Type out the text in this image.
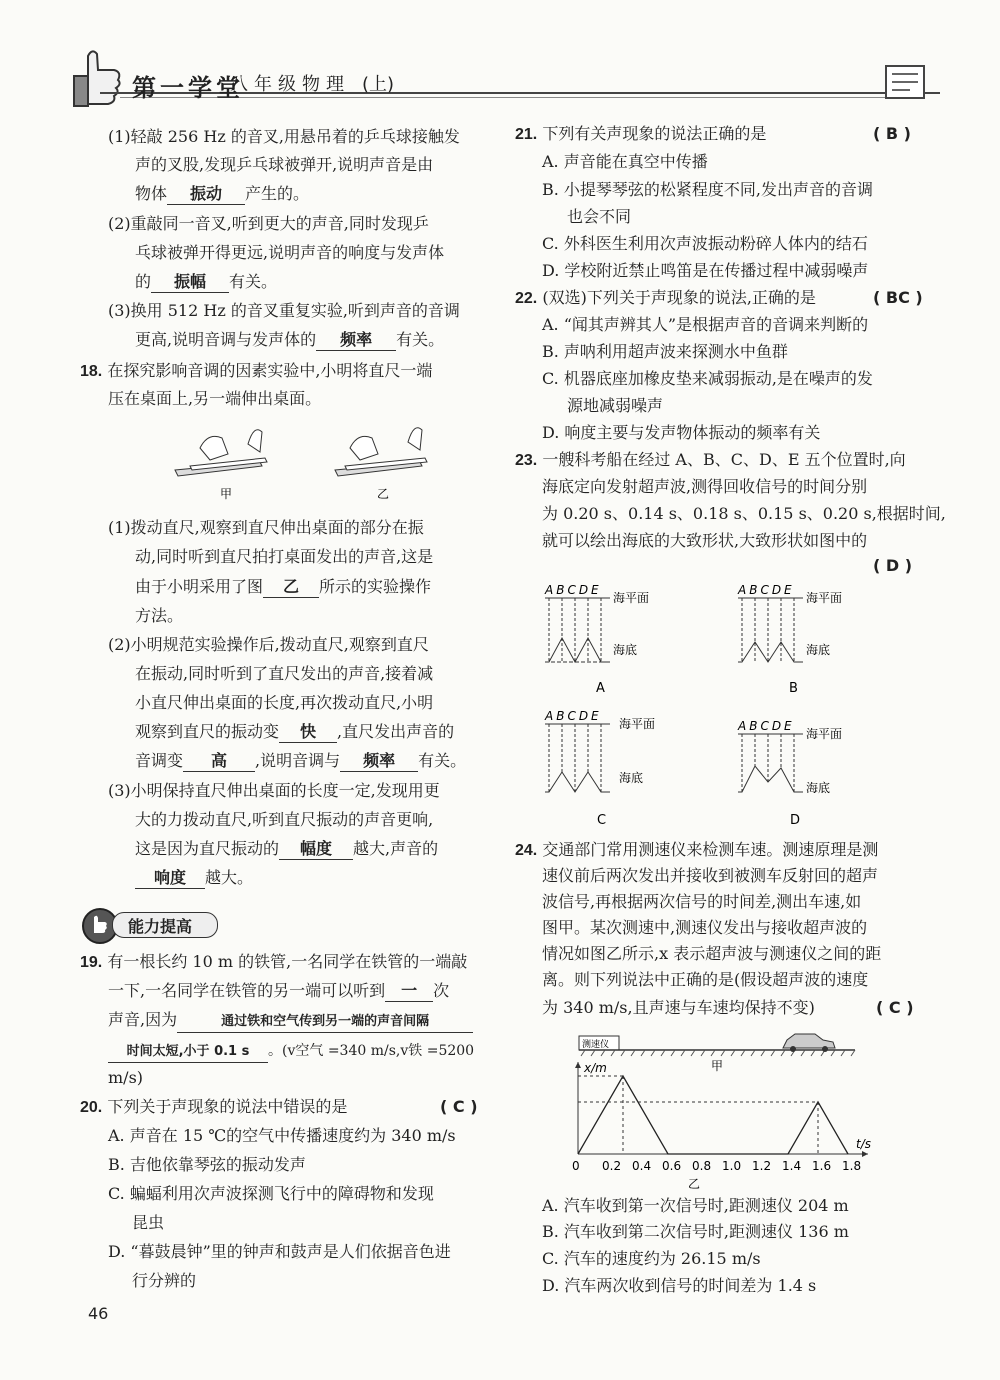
第一学堂
八年级物理 (上)
(1)轻敲 256 Hz 的音叉,用悬吊着的乒乓球接触发
声的叉股,发现乒乓球被弹开,说明声音是由
物体 振动 产生的。
(2)重敲同一音叉,听到更大的声音,同时发现乒
乓球被弹开得更远,说明声音的响度与发声体
的 振幅 有关。
(3)换用 512 Hz 的音叉重复实验,听到声音的音调
更高,说明音调与发声体的 频率 有关。
18. 在探究影响音调的因素实验中,小明将直尺一端
压在桌面上,另一端伸出桌面。
甲	乙
(1)拨动直尺,观察到直尺伸出桌面的部分在振
动,同时听到直尺拍打桌面发出的声音,这是
由于小明采用了图 乙 所示的实验操作
方法。
(2)小明规范实验操作后,拨动直尺,观察到直尺
在振动,同时听到了直尺发出的声音,接着减
小直尺伸出桌面的长度,再次拨动直尺,小明
观察到直尺的振动变 快 ,直尺发出声音的
音调变 高 ,说明音调与 频率 有关。
(3)小明保持直尺伸出桌面的长度一定,发现用更
大的力拨动直尺,听到直尺振动的声音更响,
这是因为直尺振动的 幅度 越大,声音的
响度 越大。
能力提高
19. 有一根长约 10 m 的铁管,一名同学在铁管的一端敲
一下,一名同学在铁管的另一端可以听到 一 次
声音,因为	通过铁和空气传到另一端的声音间隔
时间太短,小于 0.1 s 。(v空气 =340 m/s,v铁 =5200
m/s)
20. 下列关于声现象的说法中错误的是	( C )
A. 声音在 15 ℃的空气中传播速度约为 340 m/s
B. 吉他依靠琴弦的振动发声
C. 蝙蝠利用次声波探测飞行中的障碍物和发现
昆虫
D. “暮鼓晨钟”里的钟声和鼓声是人们依据音色进
行分辨的
46
21. 下列有关声现象的说法正确的是	( B )
A. 声音能在真空中传播
B. 小提琴琴弦的松紧程度不同,发出声音的音调
也会不同
C. 外科医生利用次声波振动粉碎人体内的结石
D. 学校附近禁止鸣笛是在传播过程中减弱噪声
22. (双选)下列关于声现象的说法,正确的是	( BC )
A. “闻其声辨其人”是根据声音的音调来判断的
B. 声呐利用超声波来探测水中鱼群
C. 机器底座加橡皮垫来减弱振动,是在噪声的发
源地减弱噪声
D. 响度主要与发声物体振动的频率有关
23. 一艘科考船在经过 A、B、C、D、E 五个位置时,向
海底定向发射超声波,测得回收信号的时间分别
为 0.20 s、0.14 s、0.18 s、0.15 s、0.20 s,根据时间,
就可以绘出海底的大致形状,大致形状如图中的
( D )
ABCDE
海平面
海底
A
ABCDE
海平面
海底
B
ABCDE
海平面
海底
C
ABCDE
海平面
海底
D
24. 交通部门常用测速仪来检测车速。测速原理是测
速仪前后两次发出并接收到被测车反射回的超声
波信号,再根据两次信号的时间差,测出车速,如
图甲。某次测速中,测速仪发出与接收超声波的
情况如图乙所示,x 表示超声波与测速仪之间的距
离。则下列说法中正确的是(假设超声波的速度
为 340 m/s,且声速与车速均保持不变)	( C )
测速仪
甲
0 0.2 0.4 0.6 0.8 1.0 1.2 1.4 1.6 1.8
t/s
x/m
乙
A. 汽车收到第一次信号时,距测速仪 204 m
B. 汽车收到第二次信号时,距测速仪 136 m
C. 汽车的速度约为 26.15 m/s
D. 汽车两次收到信号的时间差为 1.4 s
